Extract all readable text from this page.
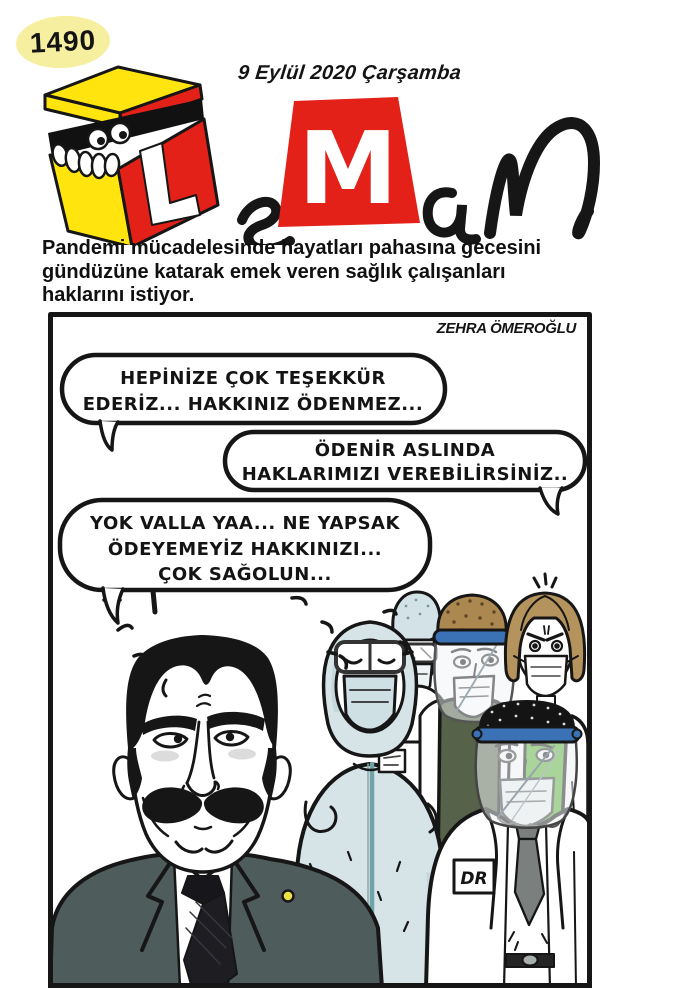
1490
9 Eylül 2020 Çarşamba
M
Pandemi mücadelesinde hayatları pahasına gecesini
gündüzüne katarak emek veren sağlık çalışanları
haklarını istiyor.
DR
HEPİNİZE ÇOK TEŞEKKÜR
EDERİZ... HAKKINIZ ÖDENMEZ...
ÖDENİR ASLINDA
HAKLARIMIZI VEREBİLİRSİNİZ..
YOK VALLA YAA... NE YAPSAK
ÖDEYEMEYİZ HAKKINIZI...
ÇOK SAĞOLUN...
ZEHRA ÖMEROĞLU
